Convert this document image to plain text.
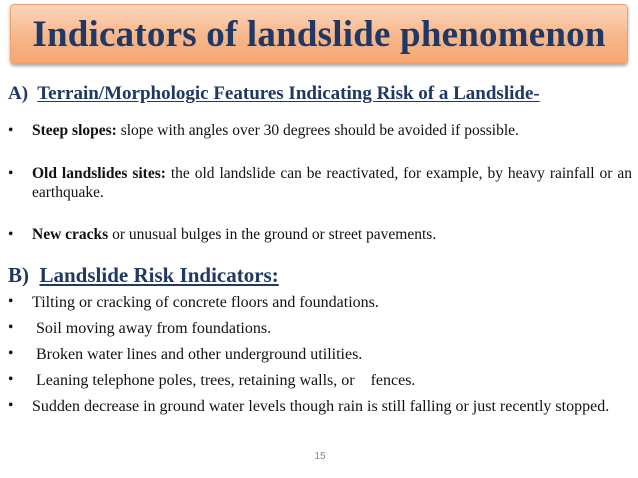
Indicators of landslide phenomenon
A) Terrain/Morphologic Features Indicating Risk of a Landslide-
•	Steep slopes: slope with angles over 30 degrees should be avoided if possible.
•	Old landslides sites: the old landslide can be reactivated, for example, by heavy rainfall or an earthquake.
•	New cracks or unusual bulges in the ground or street pavements.
B) Landslide Risk Indicators:
•	Tilting or cracking of concrete floors and foundations.
•	Soil moving away from foundations.
•	Broken water lines and other underground utilities.
•	Leaning telephone poles, trees, retaining walls, or    fences.
•	Sudden decrease in ground water levels though rain is still falling or just recently stopped.
15
